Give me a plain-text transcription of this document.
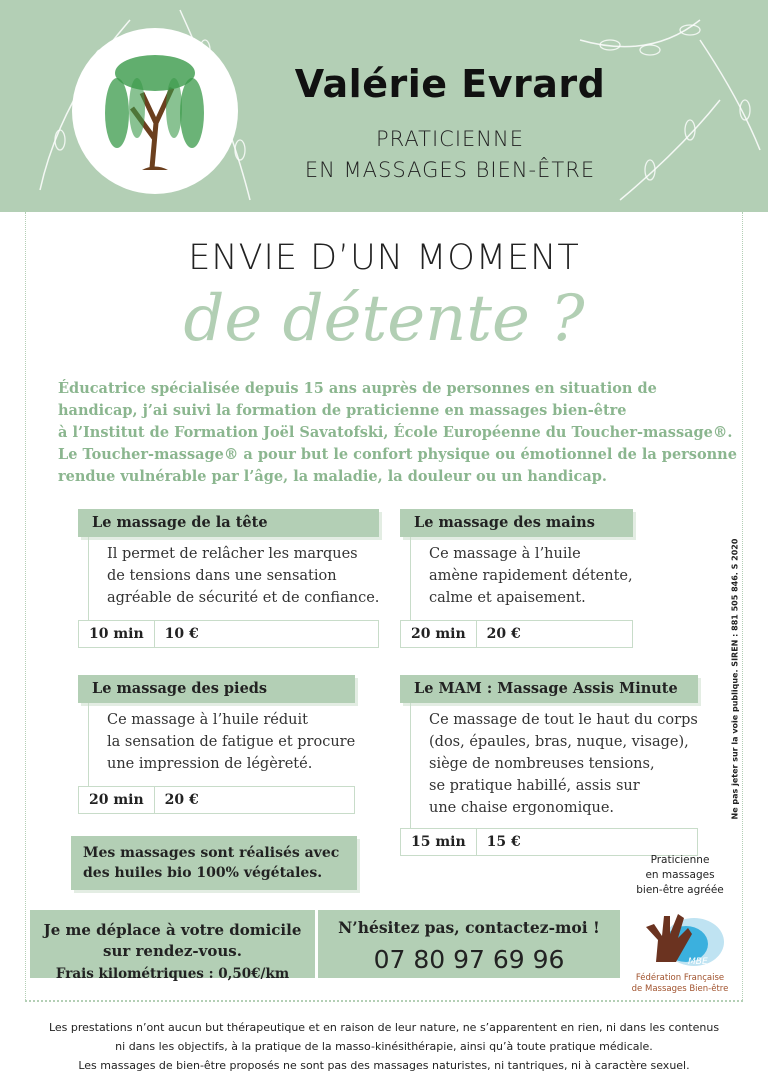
Valérie Evrard
PRATICIENNE
EN MASSAGES BIEN-ÊTRE
ENVIE D’UN MOMENT
de détente ?
Éducatrice spécialisée depuis 15 ans auprès de personnes en situation de
handicap, j’ai suivi la formation de praticienne en massages bien-être
à l’Institut de Formation Joël Savatofski, École Européenne du Toucher-massage®.
Le Toucher-massage® a pour but le confort physique ou émotionnel de la personne
rendue vulnérable par l’âge, la maladie, la douleur ou un handicap.
Le massage de la tête
Il permet de relâcher les marques
de tensions dans une sensation
agréable de sécurité et de confiance.
10 min	10 €
Le massage des mains
Ce massage à l’huile
amène rapidement détente,
calme et apaisement.
20 min	20 €
Le massage des pieds
Ce massage à l’huile réduit
la sensation de fatigue et procure
une impression de légèreté.
20 min	20 €
Le MAM : Massage Assis Minute
Ce massage de tout le haut du corps
(dos, épaules, bras, nuque, visage),
siège de nombreuses tensions,
se pratique habillé, assis sur
une chaise ergonomique.
15 min	15 €
Mes massages sont réalisés avec
des huiles bio 100% végétales.
Je me déplace à votre domicile
sur rendez-vous.
Frais kilométriques : 0,50€/km
N’hésitez pas, contactez-moi !
07 80 97 69 96
Praticienne
en massages
bien-être agréée
MBE
Fédération Française
de Massages Bien-être
Ne pas jeter sur la voie publique. SIREN : 881 505 846. S 2020
Les prestations n’ont aucun but thérapeutique et en raison de leur nature, ne s’apparentent en rien, ni dans les contenus
ni dans les objectifs, à la pratique de la masso-kinésithérapie, ainsi qu’à toute pratique médicale.
Les massages de bien-être proposés ne sont pas des massages naturistes, ni tantriques, ni à caractère sexuel.
